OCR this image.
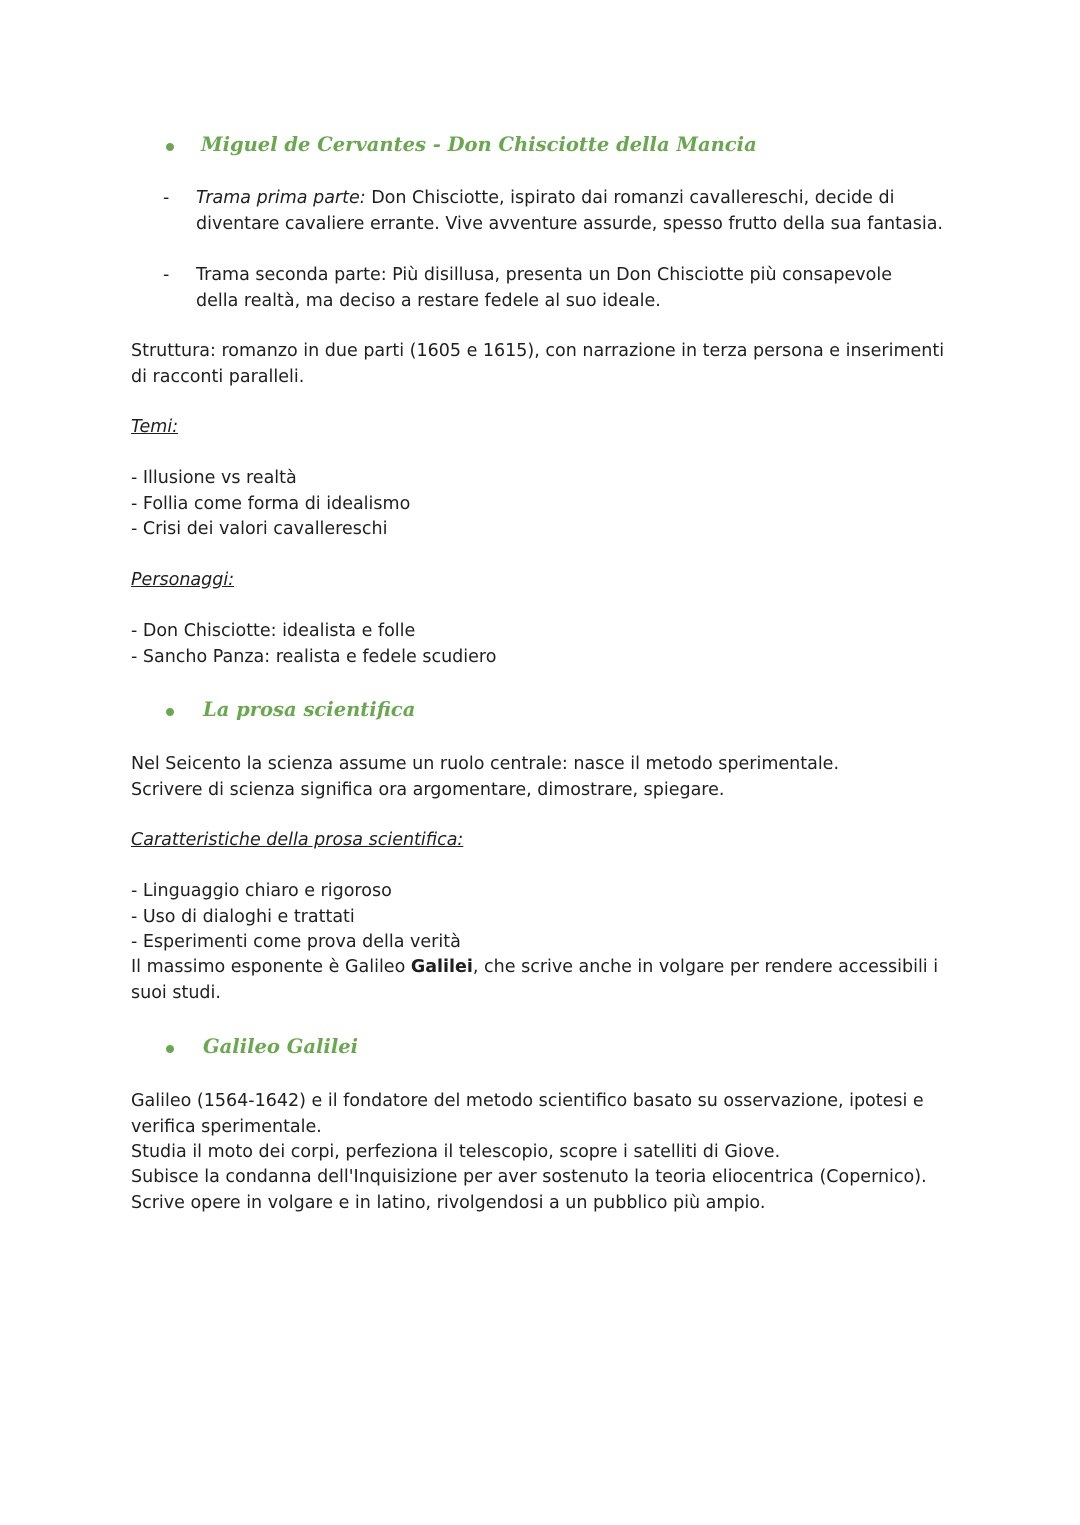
Miguel de Cervantes - Don Chisciotte della Mancia
- Trama prima parte: Don Chisciotte, ispirato dai romanzi cavallereschi, decide di diventare cavaliere errante. Vive avventure assurde, spesso frutto della sua fantasia.
- Trama seconda parte: Più disillusa, presenta un Don Chisciotte più consapevole della realtà, ma deciso a restare fedele al suo ideale.
Struttura: romanzo in due parti (1605 e 1615), con narrazione in terza persona e inserimenti di racconti paralleli.
Temi:
- Illusione vs realtà
- Follia come forma di idealismo
- Crisi dei valori cavallereschi
Personaggi:
- Don Chisciotte: idealista e folle
- Sancho Panza: realista e fedele scudiero
La prosa scientifica
Nel Seicento la scienza assume un ruolo centrale: nasce il metodo sperimentale.
Scrivere di scienza significa ora argomentare, dimostrare, spiegare.
Caratteristiche della prosa scientifica:
- Linguaggio chiaro e rigoroso
- Uso di dialoghi e trattati
- Esperimenti come prova della verità
Il massimo esponente è Galileo Galilei, che scrive anche in volgare per rendere accessibili i suoi studi.
Galileo Galilei
Galileo (1564-1642) e il fondatore del metodo scientifico basato su osservazione, ipotesi e verifica sperimentale.
Studia il moto dei corpi, perfeziona il telescopio, scopre i satelliti di Giove.
Subisce la condanna dell'Inquisizione per aver sostenuto la teoria eliocentrica (Copernico).
Scrive opere in volgare e in latino, rivolgendosi a un pubblico più ampio.
